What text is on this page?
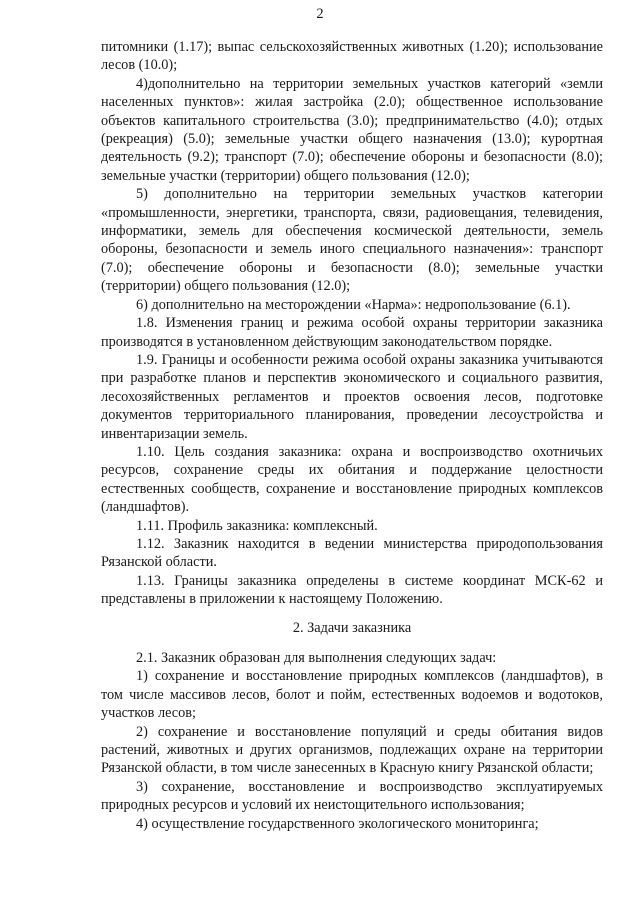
2

питомники (1.17); выпас сельскохозяйственных животных (1.20); использование лесов (10.0);

4)дополнительно на территории земельных участков категорий «земли населенных пунктов»: жилая застройка (2.0); общественное использование объектов капитального строительства (3.0); предпринимательство (4.0); отдых (рекреация) (5.0); земельные участки общего назначения (13.0); курортная деятельность (9.2); транспорт (7.0); обеспечение обороны и безопасности (8.0); земельные участки (территории) общего пользования (12.0);

5) дополнительно на территории земельных участков категории «промышленности, энергетики, транспорта, связи, радиовещания, телевидения, информатики, земель для обеспечения космической деятельности, земель обороны, безопасности и земель иного специального назначения»: транспорт (7.0); обеспечение обороны и безопасности (8.0); земельные участки (территории) общего пользования (12.0);

6) дополнительно на месторождении «Нарма»: недропользование (6.1).

1.8. Изменения границ и режима особой охраны территории заказника производятся в установленном действующим законодательством порядке.

1.9. Границы и особенности режима особой охраны заказника учитываются при разработке планов и перспектив экономического и социального развития, лесохозяйственных регламентов и проектов освоения лесов, подготовке документов территориального планирования, проведении лесоустройства и инвентаризации земель.

1.10. Цель создания заказника: охрана и воспроизводство охотничьих ресурсов, сохранение среды их обитания и поддержание целостности естественных сообществ, сохранение и восстановление природных комплексов (ландшафтов).

1.11. Профиль заказника: комплексный.

1.12. Заказник находится в ведении министерства природопользования Рязанской области.

1.13. Границы заказника определены в системе координат МСК-62 и представлены в приложении к настоящему Положению.

2. Задачи заказника

2.1. Заказник образован для выполнения следующих задач:

1) сохранение и восстановление природных комплексов (ландшафтов), в том числе массивов лесов, болот и пойм, естественных водоемов и водотоков, участков лесов;

2) сохранение и восстановление популяций и среды обитания видов растений, животных и других организмов, подлежащих охране на территории Рязанской области, в том числе занесенных в Красную книгу Рязанской области;

3) сохранение, восстановление и воспроизводство эксплуатируемых природных ресурсов и условий их неистощительного использования;

4) осуществление государственного экологического мониторинга;
